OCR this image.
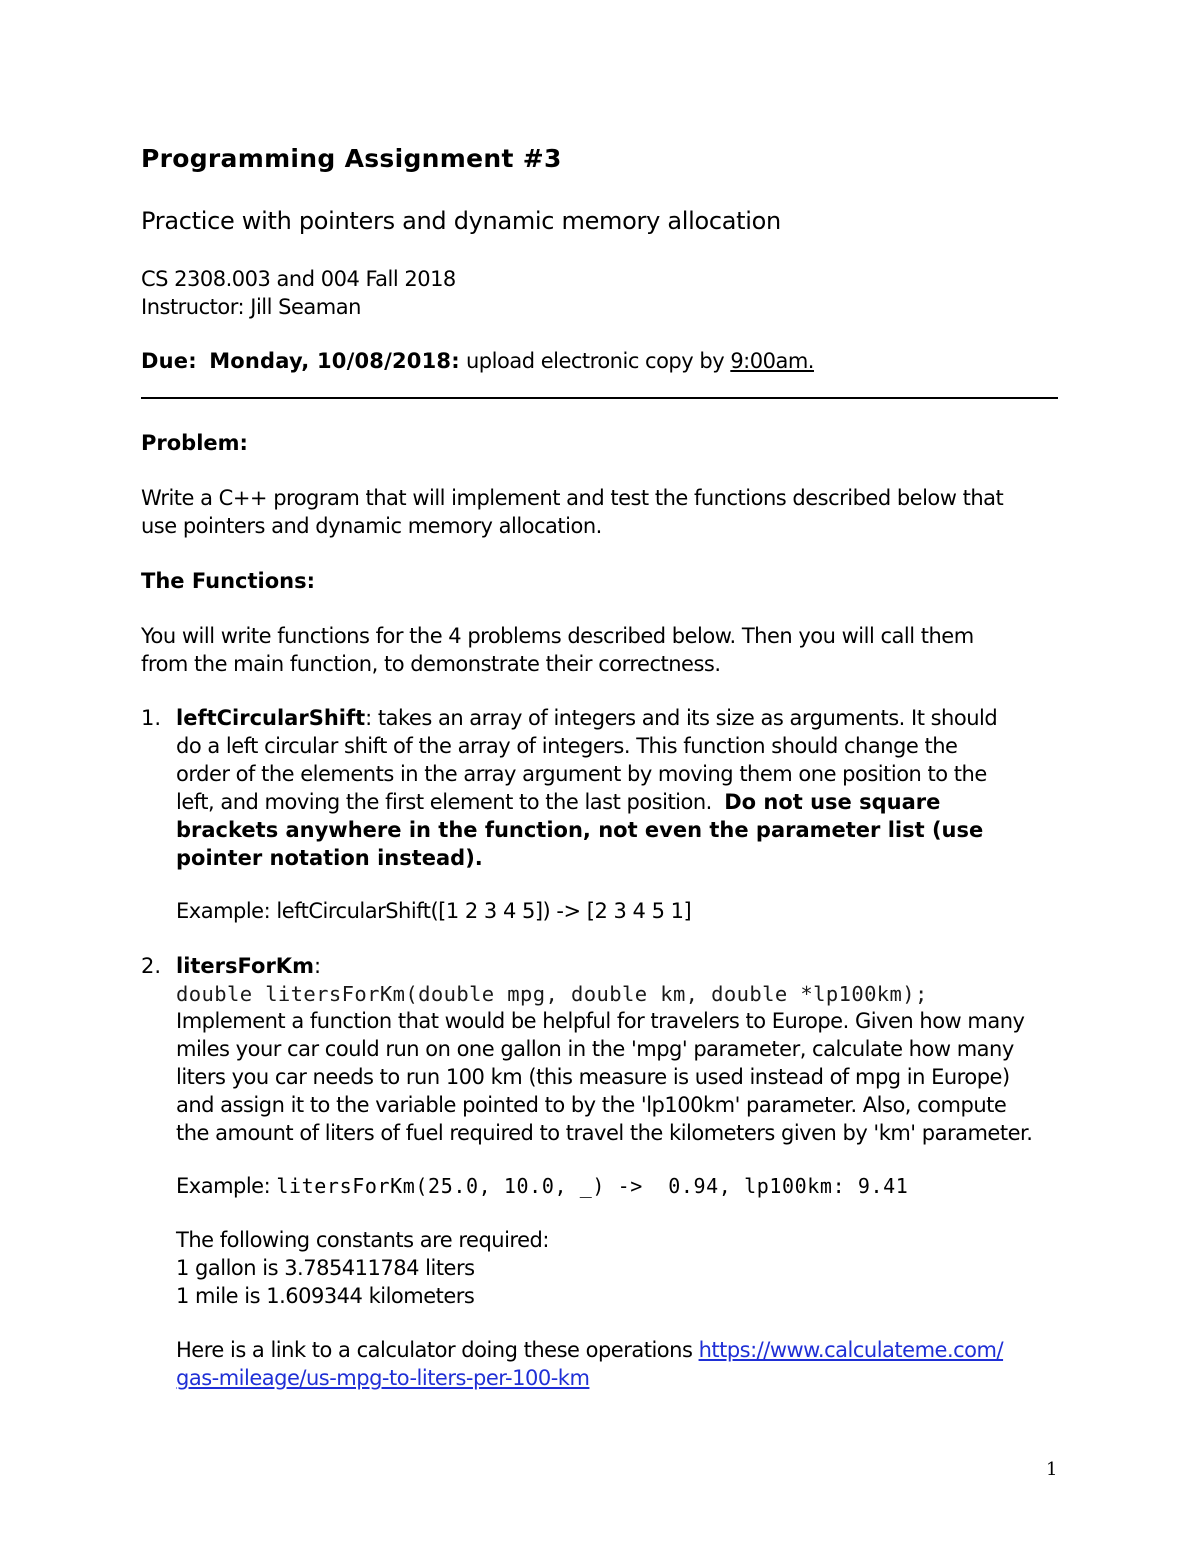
Programming Assignment #3
Practice with pointers and dynamic memory allocation
CS 2308.003 and 004 Fall 2018
Instructor: Jill Seaman
Due: Monday, 10/08/2018: upload electronic copy by 9:00am.
Problem:
Write a C++ program that will implement and test the functions described below that
use pointers and dynamic memory allocation.
The Functions:
You will write functions for the 4 problems described below. Then you will call them
from the main function, to demonstrate their correctness.
1. leftCircularShift: takes an array of integers and its size as arguments. It should
do a left circular shift of the array of integers. This function should change the
order of the elements in the array argument by moving them one position to the
left, and moving the first element to the last position.  Do not use square
brackets anywhere in the function, not even the parameter list (use
pointer notation instead).
Example: leftCircularShift([1 2 3 4 5]) -> [2 3 4 5 1]
2. litersForKm:
double litersForKm(double mpg, double km, double *lp100km);
Implement a function that would be helpful for travelers to Europe. Given how many
miles your car could run on one gallon in the 'mpg' parameter, calculate how many
liters you car needs to run 100 km (this measure is used instead of mpg in Europe)
and assign it to the variable pointed to by the 'lp100km' parameter. Also, compute
the amount of liters of fuel required to travel the kilometers given by 'km' parameter.
Example: litersForKm(25.0, 10.0, _) ->  0.94, lp100km: 9.41
The following constants are required:
1 gallon is 3.785411784 liters
1 mile is 1.609344 kilometers
Here is a link to a calculator doing these operations https://www.calculateme.com/
gas-mileage/us-mpg-to-liters-per-100-km
1
